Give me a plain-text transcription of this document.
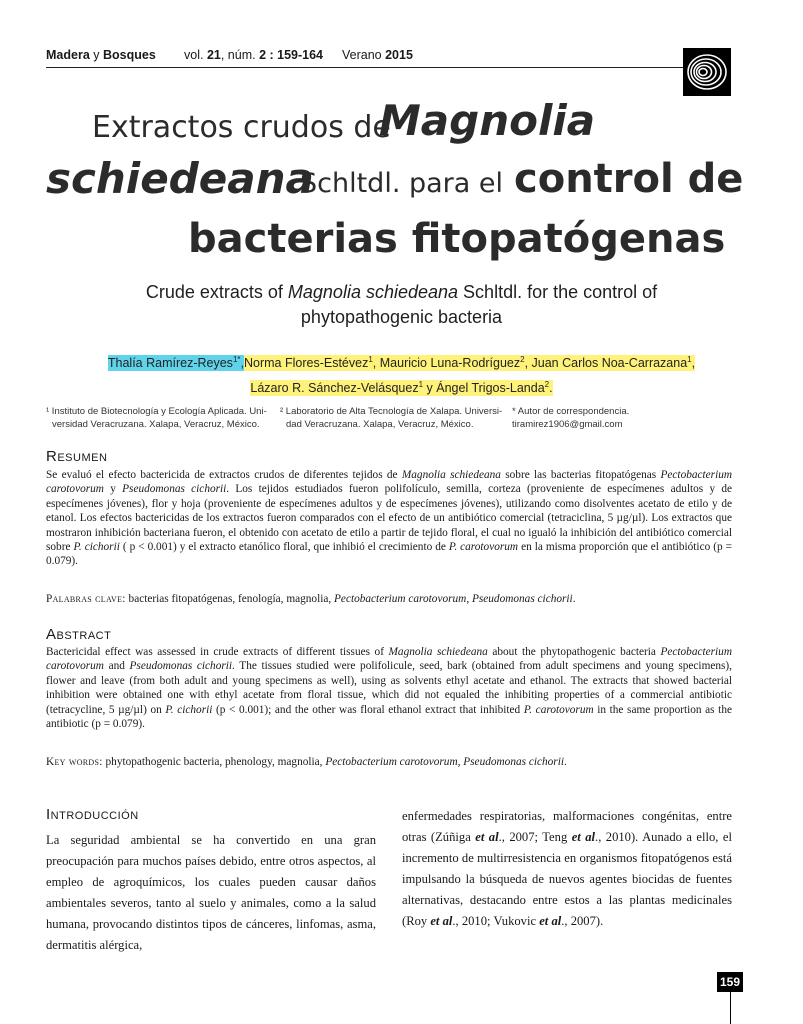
Madera y Bosques vol. 21, núm. 2 : 159-164 Verano 2015
Extractos crudos de
Magnolia
schiedeana
Schltdl. para el control de
bacterias fitopatógenas
Crude extracts of Magnolia schiedeana Schltdl. for the control of
phytopathogenic bacteria
Thalía Ramírez-Reyes$^{1*}$,Norma Flores-Estévez$^1$, Mauricio Luna-Rodríguez$^2$, Juan Carlos Noa-Carrazana$^1$,
Lázaro R. Sánchez-Velásquez$^1$ y Ángel Trigos-Landa$^2$.
¹ Instituto de Biotecnología y Ecología Aplicada. Uni-
versidad Veracruzana. Xalapa, Veracruz, México.
² Laboratorio de Alta Tecnología de Xalapa. Universi-
dad Veracruzana. Xalapa, Veracruz, México.
* Autor de correspondencia. tiramirez1906@gmail.com
Resumen
Se evaluó el efecto bactericida de extractos crudos de diferentes tejidos de Magnolia schiedeana sobre las bacterias fitopatógenas Pectobacterium carotovorum y Pseudomonas cichorii. Los tejidos estudiados fueron polifolículo, semilla, corteza (proveniente de especímenes adultos y de especímenes jóvenes), flor y hoja (proveniente de especímenes adultos y de especímenes jóvenes), utilizando como disolventes acetato de etilo y de etanol. Los efectos bactericidas de los extractos fueron comparados con el efecto de un antibiótico comercial (tetraciclina, 5 µg/µl). Los extractos que mostraron inhibición bacteriana fueron, el obtenido con acetato de etilo a partir de tejido floral, el cual no igualó la inhibición del antibiótico comercial sobre P. cichorii ( p < 0.001) y el extracto etanólico floral, que inhibió el crecimiento de P. carotovorum en la misma proporción que el antibiótico (p = 0.079).
Palabras clave: bacterias fitopatógenas, fenología, magnolia, Pectobacterium carotovorum, Pseudomonas cichorii.
Abstract
Bactericidal effect was assessed in crude extracts of different tissues of Magnolia schiedeana about the phytopathogenic bacteria Pectobacterium carotovorum and Pseudomonas cichorii. The tissues studied were polifolicule, seed, bark (obtained from adult specimens and young specimens), flower and leave (from both adult and young specimens as well), using as solvents ethyl acetate and ethanol. The extracts that showed bacterial inhibition were obtained one with ethyl acetate from floral tissue, which did not equaled the inhibiting properties of a commercial antibiotic (tetracycline, 5 µg/µl) on P. cichorii (p < 0.001); and the other was floral ethanol extract that inhibited P. carotovorum in the same proportion as the antibiotic (p = 0.079).
Key words: phytopathogenic bacteria, phenology, magnolia, Pectobacterium carotovorum, Pseudomonas cichorii.
Introducción
La seguridad ambiental se ha convertido en una gran preocupación para muchos países debido, entre otros aspectos, al empleo de agroquímicos, los cuales pueden causar daños ambientales severos, tanto al suelo y animales, como a la salud humana, provocando distintos tipos de cánceres, linfomas, asma, dermatitis alérgica,
enfermedades respiratorias, malformaciones congénitas, entre otras (Zúñiga et al., 2007; Teng et al., 2010). Aunado a ello, el incremento de multirresistencia en organismos fitopatógenos está impulsando la búsqueda de nuevos agentes biocidas de fuentes alternativas, destacando entre estos a las plantas medicinales (Roy et al., 2010; Vukovic et al., 2007).
159
